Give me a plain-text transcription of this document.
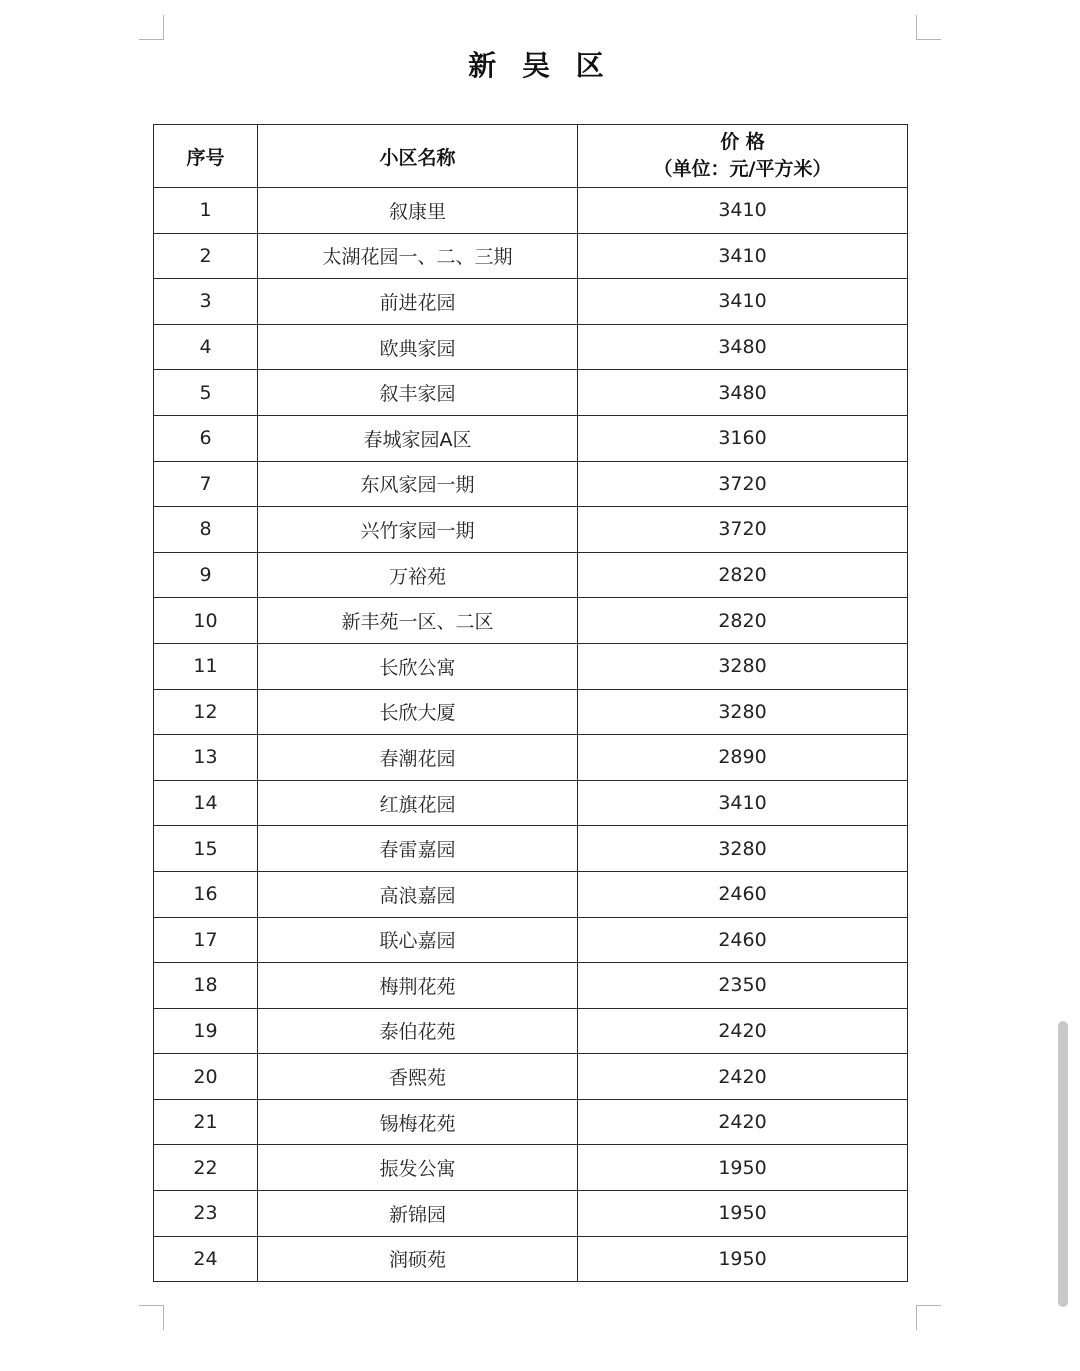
新 吴 区
序号	小区名称	价 格
（单位：元/平方米）

1	叙康里	3410
2	太湖花园一、二、三期	3410
3	前进花园	3410
4	欧典家园	3480
5	叙丰家园	3480
6	春城家园A区	3160
7	东风家园一期	3720
8	兴竹家园一期	3720
9	万裕苑	2820
10	新丰苑一区、二区	2820
11	长欣公寓	3280
12	长欣大厦	3280
13	春潮花园	2890
14	红旗花园	3410
15	春雷嘉园	3280
16	高浪嘉园	2460
17	联心嘉园	2460
18	梅荆花苑	2350
19	泰伯花苑	2420
20	香熙苑	2420
21	锡梅花苑	2420
22	振发公寓	1950
23	新锦园	1950
24	润硕苑	1950
